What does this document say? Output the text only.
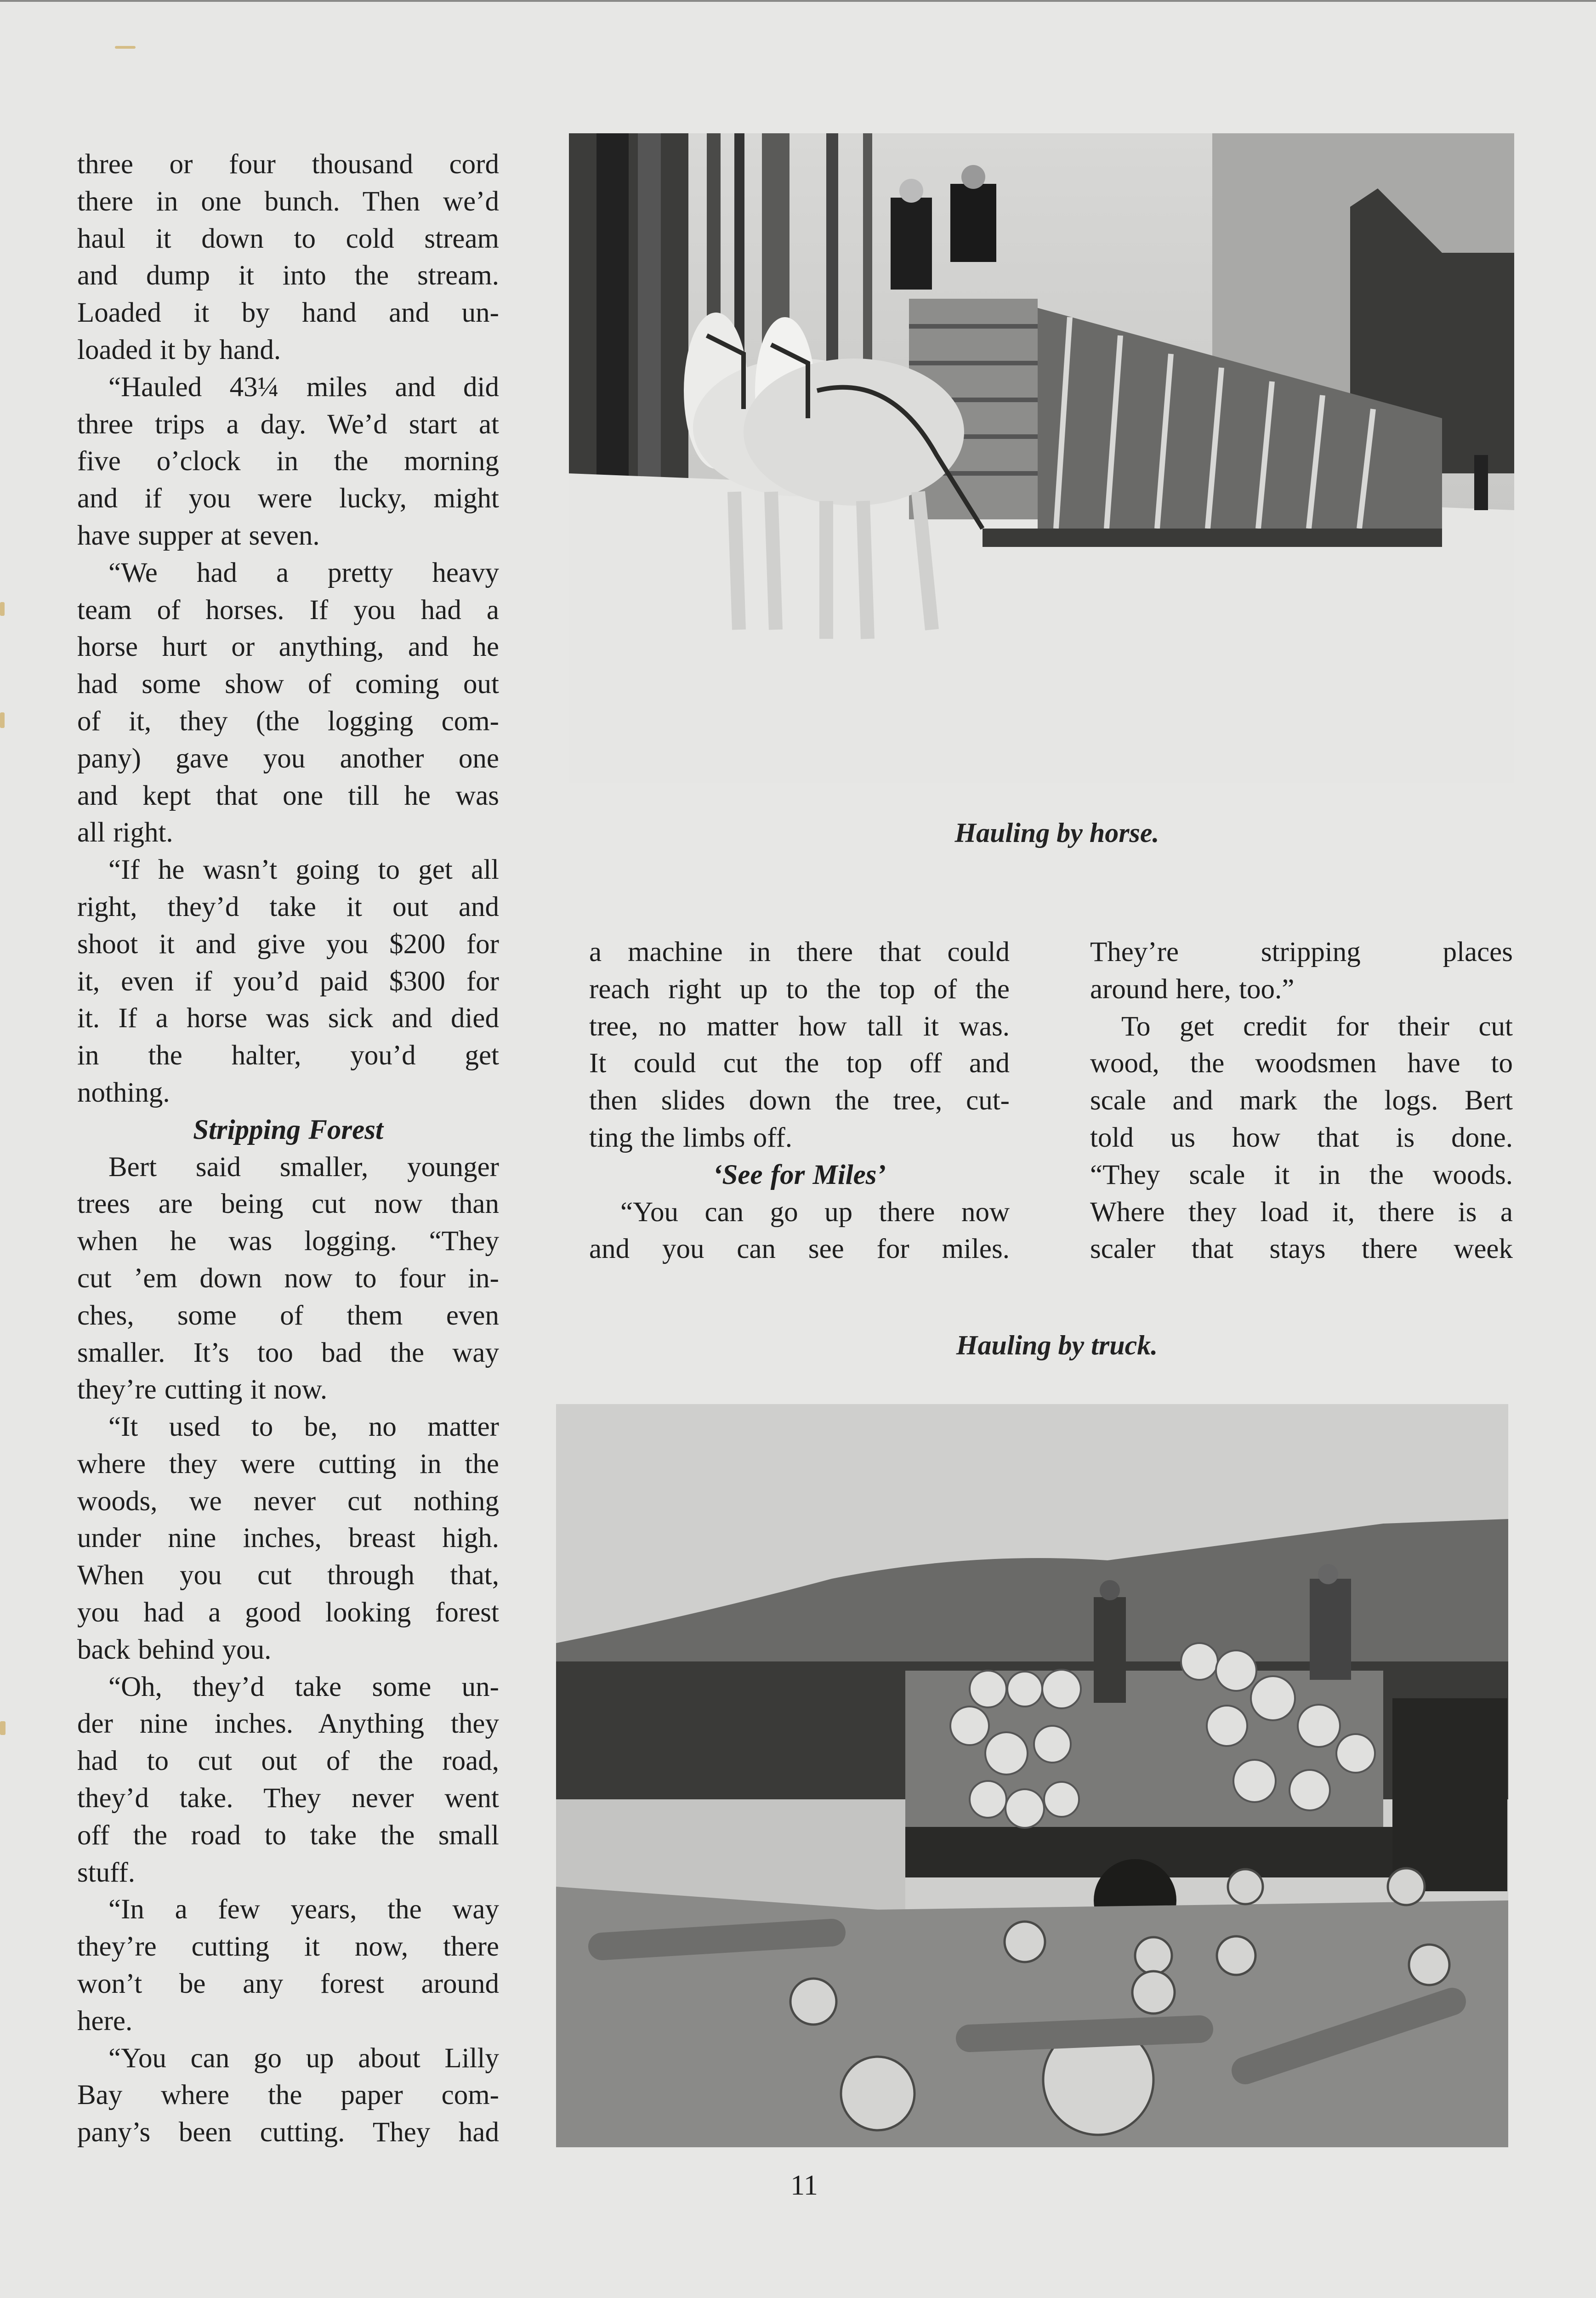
three or four thousand cord
there in one bunch. Then we’d
haul it down to cold stream
and dump it into the stream.
Loaded it by hand and un-
loaded it by hand.
“Hauled 43¼ miles and did
three trips a day. We’d start at
five o’clock in the morning
and if you were lucky, might
have supper at seven.
“We had a pretty heavy
team of horses. If you had a
horse hurt or anything, and he
had some show of coming out
of it, they (the logging com-
pany) gave you another one
and kept that one till he was
all right.
“If he wasn’t going to get all
right, they’d take it out and
shoot it and give you $200 for
it, even if you’d paid $300 for
it. If a horse was sick and died
in the halter, you’d get
nothing.
Stripping Forest
Bert said smaller, younger
trees are being cut now than
when he was logging. “They
cut ’em down now to four in-
ches, some of them even
smaller. It’s too bad the way
they’re cutting it now.
“It used to be, no matter
where they were cutting in the
woods, we never cut nothing
under nine inches, breast high.
When you cut through that,
you had a good looking forest
back behind you.
“Oh, they’d take some un-
der nine inches. Anything they
had to cut out of the road,
they’d take. They never went
off the road to take the small
stuff.
“In a few years, the way
they’re cutting it now, there
won’t be any forest around
here.
“You can go up about Lilly
Bay where the paper com-
pany’s been cutting. They had
Hauling by horse.
a machine in there that could
reach right up to the top of the
tree, no matter how tall it was.
It could cut the top off and
then slides down the tree, cut-
ting the limbs off.
‘See for Miles’
“You can go up there now
and you can see for miles.
They’re stripping places
around here, too.”
To get credit for their cut
wood, the woodsmen have to
scale and mark the logs. Bert
told us how that is done.
“They scale it in the woods.
Where they load it, there is a
scaler that stays there week
Hauling by truck.
11
